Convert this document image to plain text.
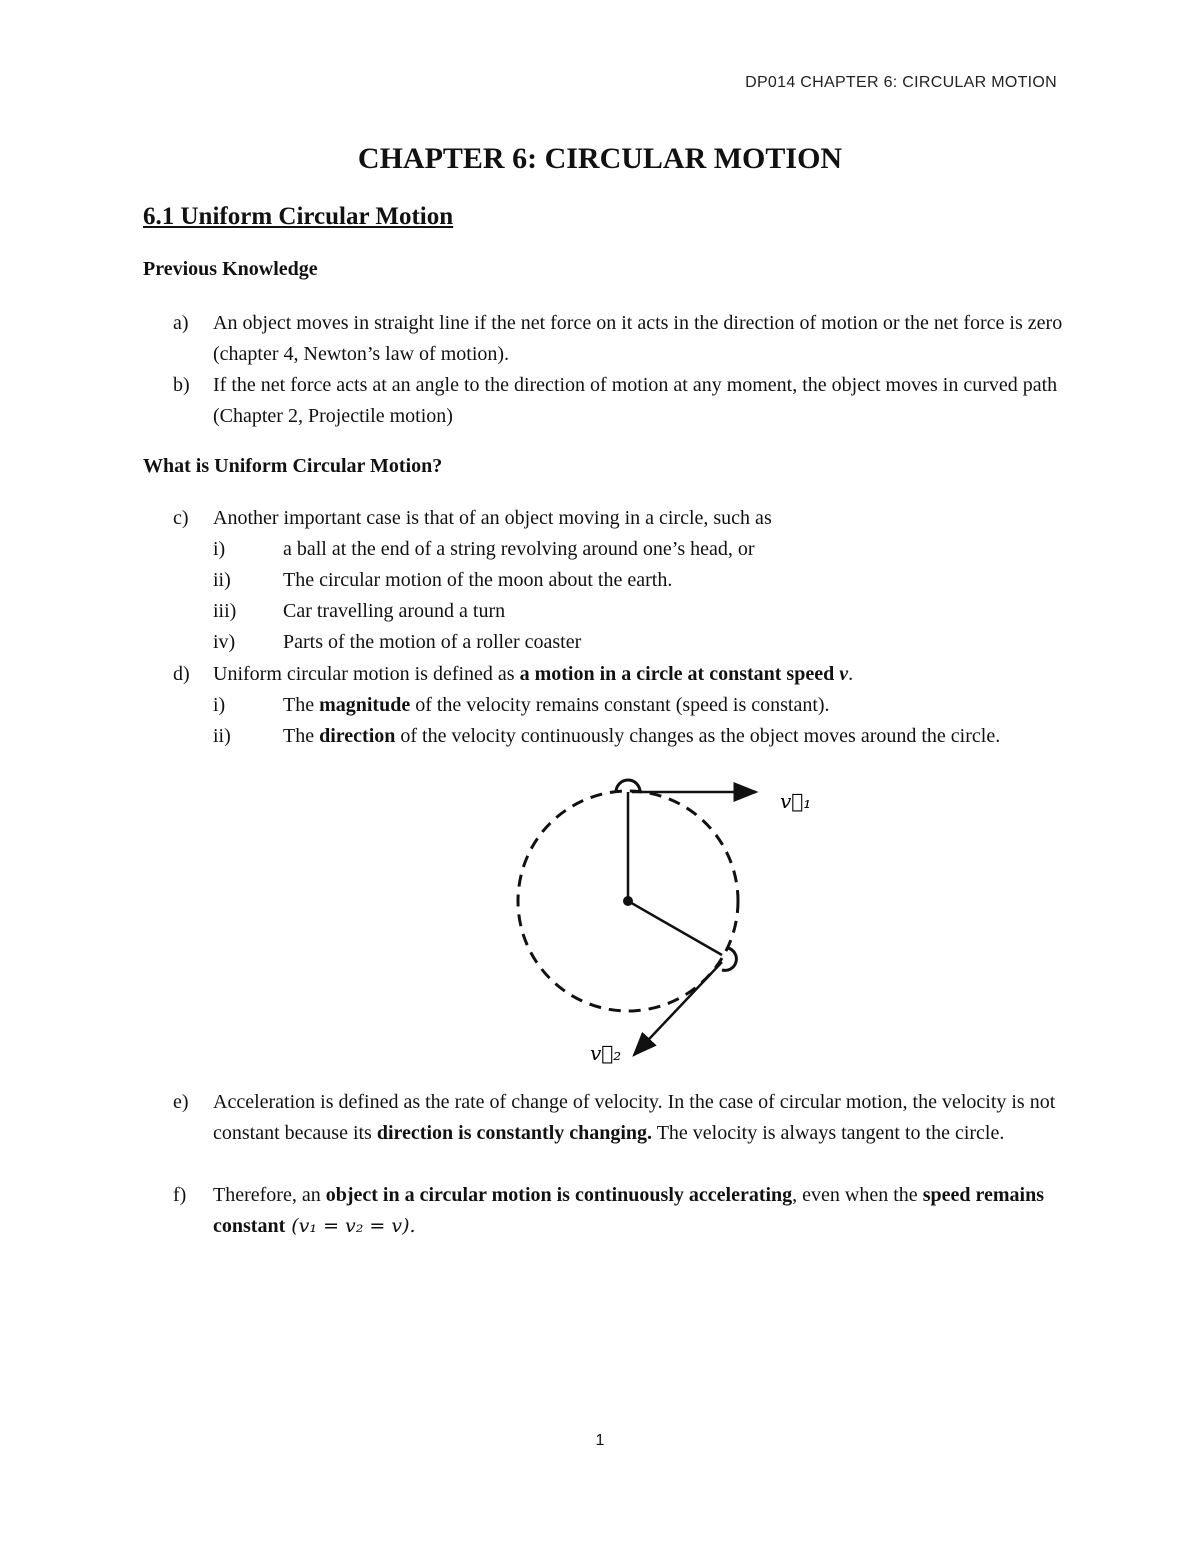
DP014 CHAPTER 6: CIRCULAR MOTION
CHAPTER 6: CIRCULAR MOTION
6.1 Uniform Circular Motion
Previous Knowledge
a) An object moves in straight line if the net force on it acts in the direction of motion or the net force is zero (chapter 4, Newton’s law of motion).
b) If the net force acts at an angle to the direction of motion at any moment, the object moves in curved path (Chapter 2, Projectile motion)
What is Uniform Circular Motion?
c) Another important case is that of an object moving in a circle, such as
i)	a ball at the end of a string revolving around one’s head, or
ii)	The circular motion of the moon about the earth.
iii) Car travelling around a turn
iv) Parts of the motion of a roller coaster
d) Uniform circular motion is defined as a motion in a circle at constant speed v.
i)	The magnitude of the velocity remains constant (speed is constant).
ii)	The direction of the velocity continuously changes as the object moves around the circle.
v⃗₁
v⃗₂
e) Acceleration is defined as the rate of change of velocity. In the case of circular motion, the velocity is not constant because its direction is constantly changing. The velocity is always tangent to the circle.
f) Therefore, an object in a circular motion is continuously accelerating, even when the speed remains constant (v₁ = v₂ = v).
1
